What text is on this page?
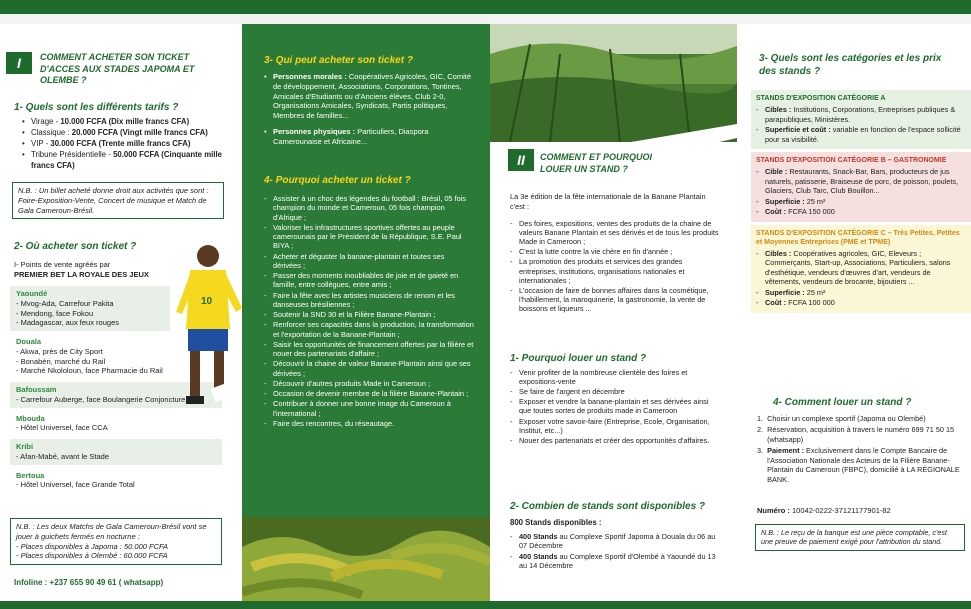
I	COMMENT ACHETER SON TICKET D'ACCES AUX STADES JAPOMA ET OLEMBE ?
1- Quels sont les différents tarifs ?
• Virage - 10.000 FCFA (Dix mille francs CFA)
• Classique : 20.000 FCFA (Vingt mille francs CFA)
• VIP - 30.000 FCFA (Trente mille francs CFA)
• Tribune Présidentielle - 50.000 FCFA (Cinquante mille francs CFA)
N.B. : Un billet acheté donne droit aux activités que sont : Foire-Exposition-Vente, Concert de musique et Match de Gala Cameroun-Brésil.
2- Où acheter son ticket ?
I- Points de vente agréés par
PREMIER BET LA ROYALE DES JEUX
Yaoundé
- Mvog-Ada, Carrefour Pakita
- Mendong, face Fokou
- Madagascar, aux feux rouges
Douala
- Akwa, près de City Sport
- Bonabéri, marché du Rail
- Marché Nkololoun, face Pharmacie du Rail
Bafoussam
- Carrefour Auberge, face Boulangerie Conjoncture
Mbouda
- Hôtel Universel, face CCA
Kribi
- Afan-Mabé, avant le Stade
Bertoua
- Hôtel Universel, face Grande Total
10
N.B. : Les deux Matchs de Gala Cameroun-Brésil vont se jouer à guichets fermés en nocturne :
- Places disponibles à Japoma : 50.000 FCFA
- Places disponibles à Olembé : 60.000 FCFA
Infoline : +237 655 90 49 61 ( whatsapp)
3- Qui peut acheter son ticket ?
• Personnes morales : Coopératives Agricoles, GIC, Comité de développement, Associations, Corporations, Tontines, Amicales d'Etudiants ou d'Anciens élèves, Club 2-0, Organisations Amicales, Syndicats, Partis politiques, Membres de familles...
• Personnes physiques : Particuliers, Diaspora Camerounaise et Africaine...
4- Pourquoi acheter un ticket ?
- Assister à un choc des légendes du football : Brésil, 05 fois champion du monde et Cameroun, 05 fois champion d'Afrique ;
- Valoriser les infrastructures sportives offertes au peuple camerounais par le Président de la République, S.E. Paul BIYA ;
- Acheter et déguster la banane-plantain et toutes ses dérivées ;
- Passer des moments inoubliables de joie et de gaieté en famille, entre collègues, entre amis ;
- Faire la fête avec les artistes musiciens de renom et les danseuses brésiliennes ;
- Soutenir la SND 30 et la Filière Banane-Plantain ;
- Renforcer ses capacités dans la production, la transformation et l'exportation de la Banane-Plantain ;
- Saisir les opportunités de financement offertes par la filière et nouer des partenariats d'affaire ;
- Découvrir la chaine de valeur Banane-Plantain ainsi que ses dérivées ;
- Découvrir d'autres produits Made in Cameroun ;
- Occasion de devenir membre de la filière Banane-Plantain ;
- Contribuer à donner une bonne image du Cameroun à l'international ;
- Faire des rencontres, du réseautage.
II	COMMENT ET POURQUOI LOUER UN STAND ?
La 3e édition de la fête internationale de la Banane Plantain c'est :
- Des foires, expositions, ventes des produits de la chaine de valeurs Banane Plantain et ses dérivés et de tous les produits Made in Cameroon ;
- C'est la lutte contre la vie chère en fin d'année ;
- La promotion des produits et services des grandes entreprises, institutions, organisations nationales et internationales ;
- L'occasion de faire de bonnes affaires dans la cosmétique, l'habillement, la maroquinerie, la gastronomie, la vente de boissons et liqueurs ...
1- Pourquoi louer un stand ?
- Venir profiter de la nombreuse clientèle des foires et expositions-vente
- Se faire de l'argent en décembre
- Exposer et vendre la banane-plantain et ses dérivées ainsi que toutes sortes de produits made in Cameroon
- Exposer votre savoir-faire (Entreprise, Ecole, Organisation, Institut, etc...)
- Nouer des partenariats et créer des opportunités d'affaires.
2- Combien de stands sont disponibles ?
800 Stands disponibles :
- 400 Stands au Complexe Sportif Japoma à Douala du 06 au 07 Décembre
- 400 Stands au Complexe Sportif d'Olembé à Yaoundé du 13 au 14 Décembre
3- Quels sont les catégories et les prix des stands ?
STANDS D'EXPOSITION CATÉGORIE A
- Cibles : Institutions, Corporations, Entreprises publiques & parapubliques, Ministères.
- Superficie et coût : variable en fonction de l'espace sollicité pour sa visibilité.
STANDS D'EXPOSITION CATÉGORIE B – GASTRONOMIE
- Cible : Restaurants, Snack-Bar, Bars, producteurs de jus naturels, patisserie, Braiseuse de porc, de poisson, poulets, Glaciers, Club Tarc, Club Bouillon...
- Superficie : 25 m²
- Coût : FCFA 150 000
STANDS D'EXPOSITION CATÉGORIE C – Très Petites, Petites et Moyennes Entreprises (PME et TPME)
- Cibles : Coopératives agricoles, GIC, Eleveurs ; Commerçants, Start-up, Associations, Particuliers, salons d'esthétique, vendeurs d'œuvres d'art, vendeurs de vêtements, vendeurs de brocante, bijoutiers ...
- Superficie : 25 m²
- Coût : FCFA 100 000
4- Comment louer un stand ?
1. Choisir un complexe sportif (Japoma ou Olembé)
2. Réservation, acquisition à travers le numéro 699 71 50 15 (whatsapp)
3. Paiement : Exclusivement dans le Compte Bancaire de l'Association Nationale des Acteurs de la Filière Banane-Plantain du Cameroun (FBPC), domicilié à LA RÉGIONALE BANK.
Numéro : 10042-0222-37121177901-82
N.B. : Le reçu de la banque est une pièce comptable, c'est une preuve de paiement exigé pour l'attribution du stand.
